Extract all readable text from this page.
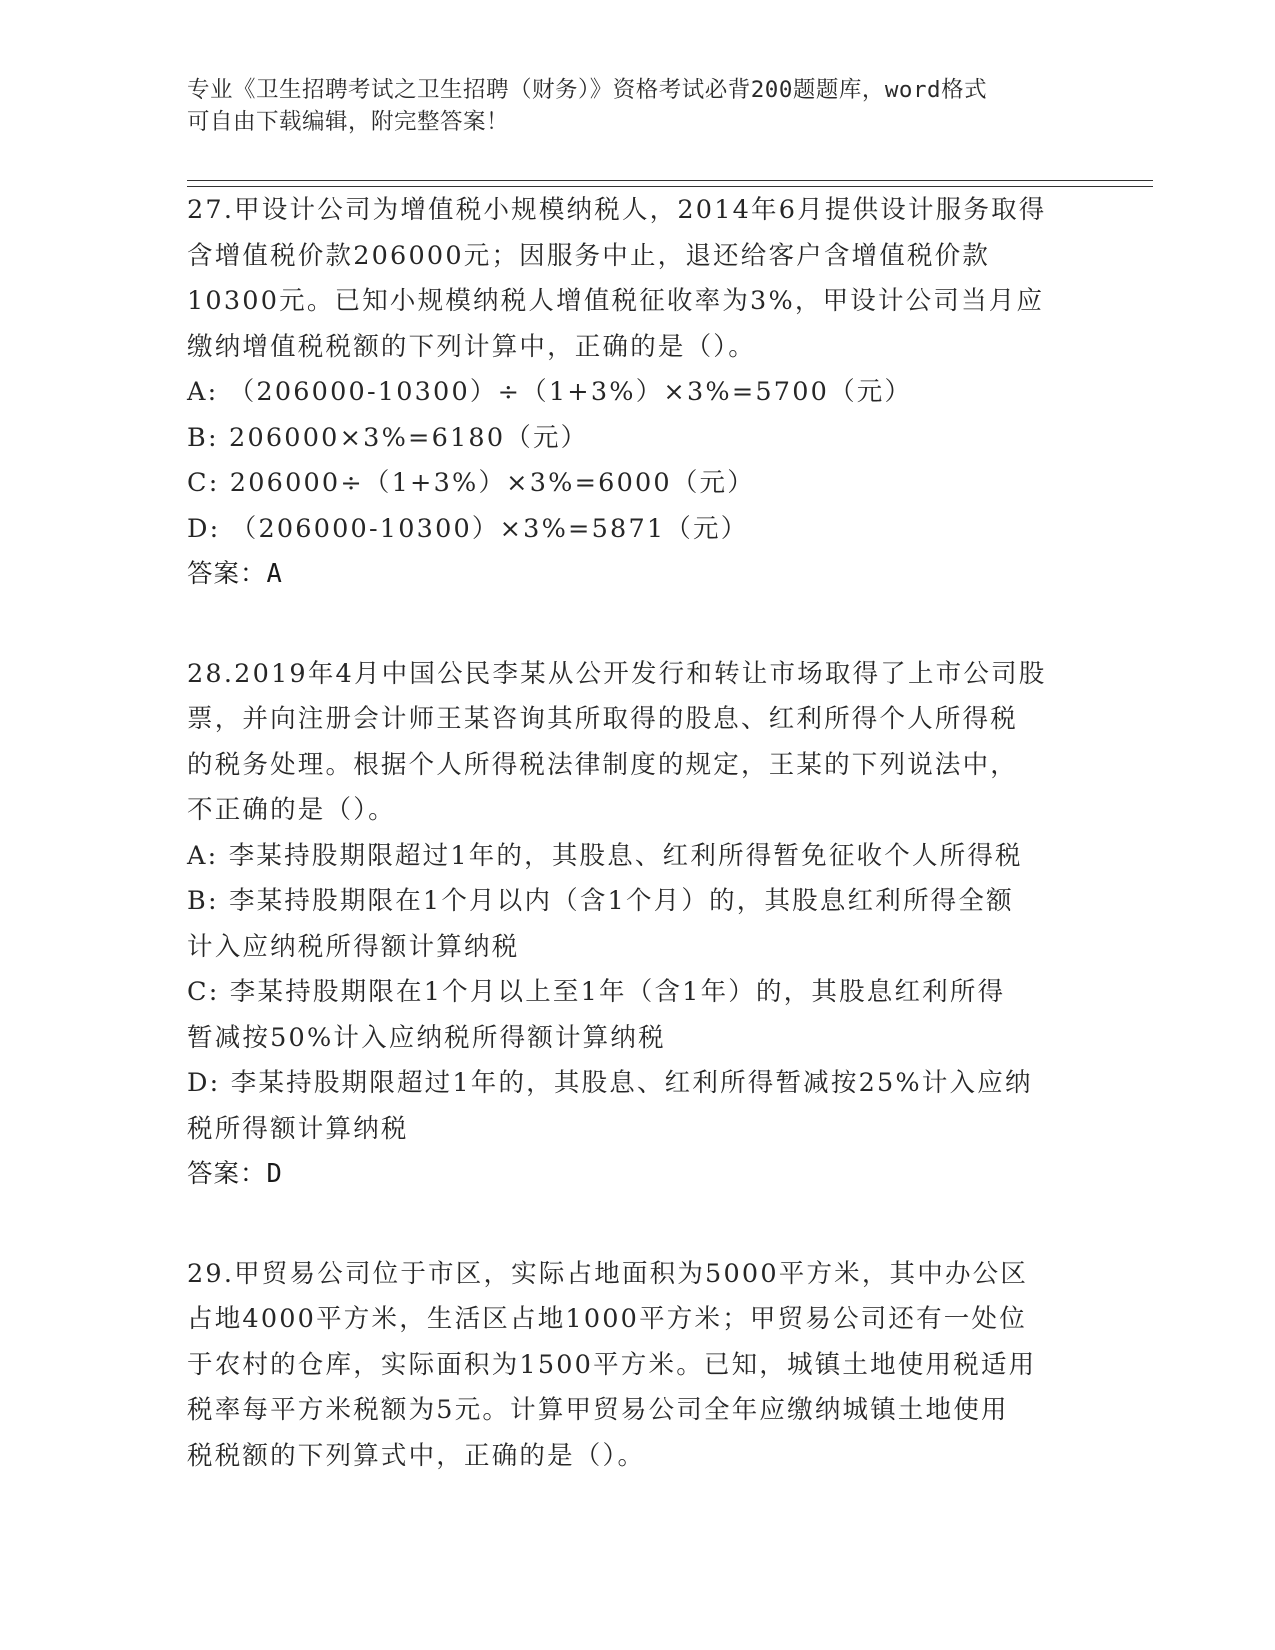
专业《卫生招聘考试之卫生招聘（财务）》资格考试必背200题题库，word格式
可自由下载编辑，附完整答案！

27.甲设计公司为增值税小规模纳税人，2014年6月提供设计服务取得

含增值税价款206000元；因服务中止，退还给客户含增值税价款

10300元。已知小规模纳税人增值税征收率为3%，甲设计公司当月应

缴纳增值税税额的下列计算中，正确的是（）。

A: （206000-10300）÷（1+3%）×3%=5700（元）

B: 206000×3%=6180（元）

C: 206000÷（1+3%）×3%=6000（元）

D: （206000-10300）×3%=5871（元）

答案：A

28.2019年4月中国公民李某从公开发行和转让市场取得了上市公司股

票，并向注册会计师王某咨询其所取得的股息、红利所得个人所得税

的税务处理。根据个人所得税法律制度的规定，王某的下列说法中，

不正确的是（）。

A: 李某持股期限超过1年的，其股息、红利所得暂免征收个人所得税

B: 李某持股期限在1个月以内（含1个月）的，其股息红利所得全额

计入应纳税所得额计算纳税

C: 李某持股期限在1个月以上至1年（含1年）的，其股息红利所得

暂减按50%计入应纳税所得额计算纳税

D: 李某持股期限超过1年的，其股息、红利所得暂减按25%计入应纳

税所得额计算纳税

答案：D

29.甲贸易公司位于市区，实际占地面积为5000平方米，其中办公区

占地4000平方米，生活区占地1000平方米；甲贸易公司还有一处位

于农村的仓库，实际面积为1500平方米。已知，城镇土地使用税适用

税率每平方米税额为5元。计算甲贸易公司全年应缴纳城镇土地使用

税税额的下列算式中，正确的是（）。
